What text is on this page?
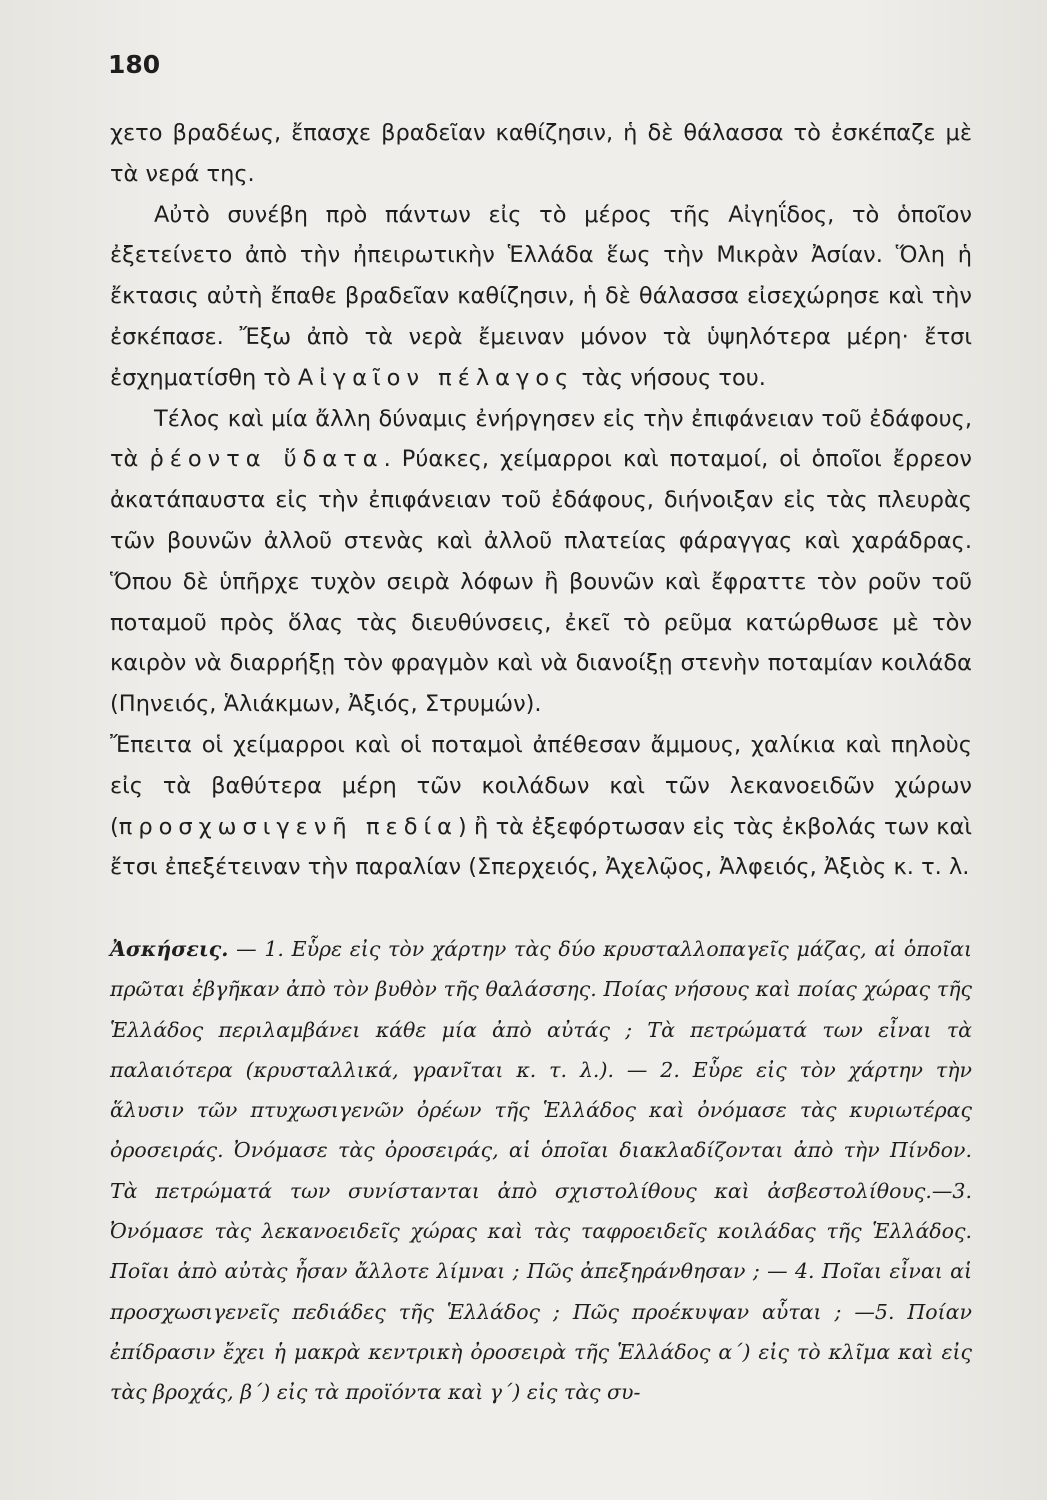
180

χετο βραδέως, ἔπασχε βραδεῖαν καθίζησιν, ἡ δὲ θάλασσα τὸ ἐσκέπαζε μὲ τὰ νερά της.

Αὐτὸ συνέβη πρὸ πάντων εἰς τὸ μέρος τῆς Αἰγηΐδος, τὸ ὁποῖον ἐξετείνετο ἀπὸ τὴν ἠπειρωτικὴν Ἑλλάδα ἕως τὴν Μικρὰν Ἀσίαν. Ὅλη ἡ ἔκτασις αὐτὴ ἔπαθε βραδεῖαν καθίζησιν, ἡ δὲ θάλασσα εἰσεχώρησε καὶ τὴν ἐσκέπασε. Ἔξω ἀπὸ τὰ νερὰ ἔμειναν μόνον τὰ ὑψηλότερα μέρη· ἔτσι ἐσχηματίσθη τὸ Αἰγαῖον πέλαγος τὰς νήσους του.

Τέλος καὶ μία ἄλλη δύναμις ἐνήργησεν εἰς τὴν ἐπιφάνειαν τοῦ ἐδάφους, τὰ ῥέοντα ὕδατα. Ρύακες, χείμαρροι καὶ ποταμοί, οἱ ὁποῖοι ἔρρεον ἀκατάπαυστα εἰς τὴν ἐπιφάνειαν τοῦ ἐδάφους, διήνοιξαν εἰς τὰς πλευρὰς τῶν βουνῶν ἀλλοῦ στενὰς καὶ ἀλλοῦ πλατείας φάραγγας καὶ χαράδρας. Ὅπου δὲ ὑπῆρχε τυχὸν σειρὰ λόφων ἢ βουνῶν καὶ ἔφραττε τὸν ροῦν τοῦ ποταμοῦ πρὸς ὅλας τὰς διευθύνσεις, ἐκεῖ τὸ ρεῦμα κατώρθωσε μὲ τὸν καιρὸν νὰ διαρρήξῃ τὸν φραγμὸν καὶ νὰ διανοίξῃ στενὴν ποταμίαν κοιλάδα (Πηνειός, Ἁλιάκμων, Ἀξιός, Στρυμών).

Ἔπειτα οἱ χείμαρροι καὶ οἱ ποταμοὶ ἀπέθεσαν ἄμμους, χαλίκια καὶ πηλοὺς εἰς τὰ βαθύτερα μέρη τῶν κοιλάδων καὶ τῶν λεκανοειδῶν χώρων (προσχωσιγενῆ πεδία) ἢ τὰ ἐξεφόρτωσαν εἰς τὰς ἐκβολάς των καὶ ἔτσι ἐπεξέτειναν τὴν παραλίαν (Σπερχειός, Ἀχελῷος, Ἀλφειός, Ἀξιὸς κ. τ. λ.

Ἀσκήσεις. — 1. Εὗρε εἰς τὸν χάρτην τὰς δύο κρυσταλλοπαγεῖς μάζας, αἱ ὁποῖαι πρῶται ἐβγῆκαν ἀπὸ τὸν βυθὸν τῆς θαλάσσης. Ποίας νήσους καὶ ποίας χώρας τῆς Ἑλλάδος περιλαμβάνει κάθε μία ἀπὸ αὐτάς ; Τὰ πετρώματά των εἶναι τὰ παλαιότερα (κρυσταλλικά, γρανῖται κ. τ. λ.). — 2. Εὗρε εἰς τὸν χάρτην τὴν ἅλυσιν τῶν πτυχωσιγενῶν ὀρέων τῆς Ἑλλάδος καὶ ὀνόμασε τὰς κυριωτέρας ὀροσειράς. Ὀνόμασε τὰς ὀροσειράς, αἱ ὁποῖαι διακλαδίζονται ἀπὸ τὴν Πίνδον. Τὰ πετρώματά των συνίστανται ἀπὸ σχιστολίθους καὶ ἀσβεστολίθους.—3. Ὀνόμασε τὰς λεκανοειδεῖς χώρας καὶ τὰς ταφροειδεῖς κοιλάδας τῆς Ἑλλάδος. Ποῖαι ἀπὸ αὐτὰς ἦσαν ἄλλοτε λίμναι ; Πῶς ἀπεξηράνθησαν ; — 4. Ποῖαι εἶναι αἱ προσχωσιγενεῖς πεδιάδες τῆς Ἑλλάδος ; Πῶς προέκυψαν αὗται ; —5. Ποίαν ἐπίδρασιν ἔχει ἡ μακρὰ κεντρικὴ ὀροσειρὰ τῆς Ἑλλάδος α΄) εἰς τὸ κλῖμα καὶ εἰς τὰς βροχάς, β΄) εἰς τὰ προϊόντα καὶ γ΄) εἰς τὰς συ-
